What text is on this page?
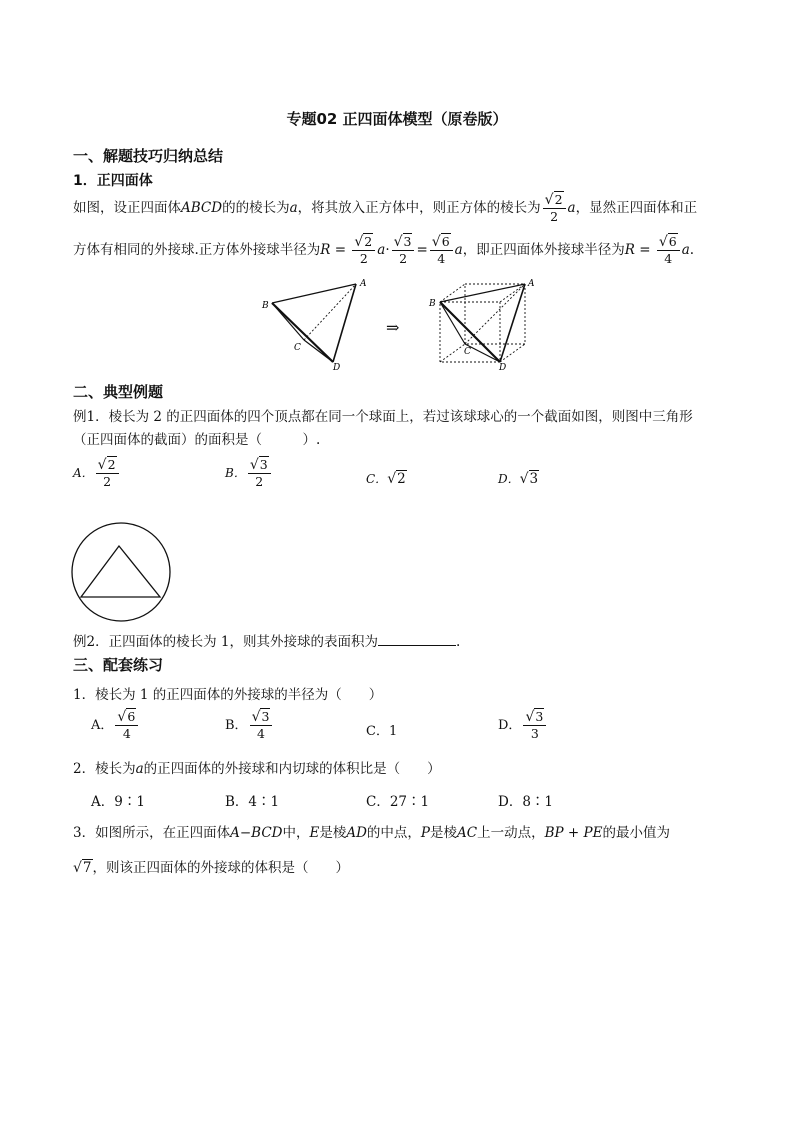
专题02 正四面体模型（原卷版）
一、解题技巧归纳总结
1．正四面体
如图，设正四面体ABCD的的棱长为a，将其放入正方体中，则正方体的棱长为 $\frac{√2}{2}$ a，显然正四面体和正
方体有相同的外接球.正方体外接球半径为$R = \frac{√2}{2} a\cdot \frac{√3}{2} = \frac{√6}{4}$ a，即正四面体外接球半径为$R = \frac{√6}{4} a$.
A
B
C
D
⇒
A
B
C
D
二、典型例题
例1．棱长为 2 的正四面体的四个顶点都在同一个球面上，若过该球球心的一个截面如图，则图中三角形
（正四面体的截面）的面积是（　　　）.
A． $\frac{√2}{2}$	B． $\frac{√3}{2}$	C．√2	D．√3
例2．正四面体的棱长为 1，则其外接球的表面积为	.
三、配套练习
1．棱长为 1 的正四面体的外接球的半径为（　　）
A． $\frac{√6}{4}$	B． $\frac{√3}{4}$	C．1	D． $\frac{√3}{3}$
2．棱长为a的正四面体的外接球和内切球的体积比是（　　）
A．9∶1	B．4∶1	C．27∶1	D．8∶1
3．如图所示，在正四面体A−BCD中，E是棱AD的中点，P是棱AC上一动点，BP + PE的最小值为
√7，则该正四面体的外接球的体积是（　　）
